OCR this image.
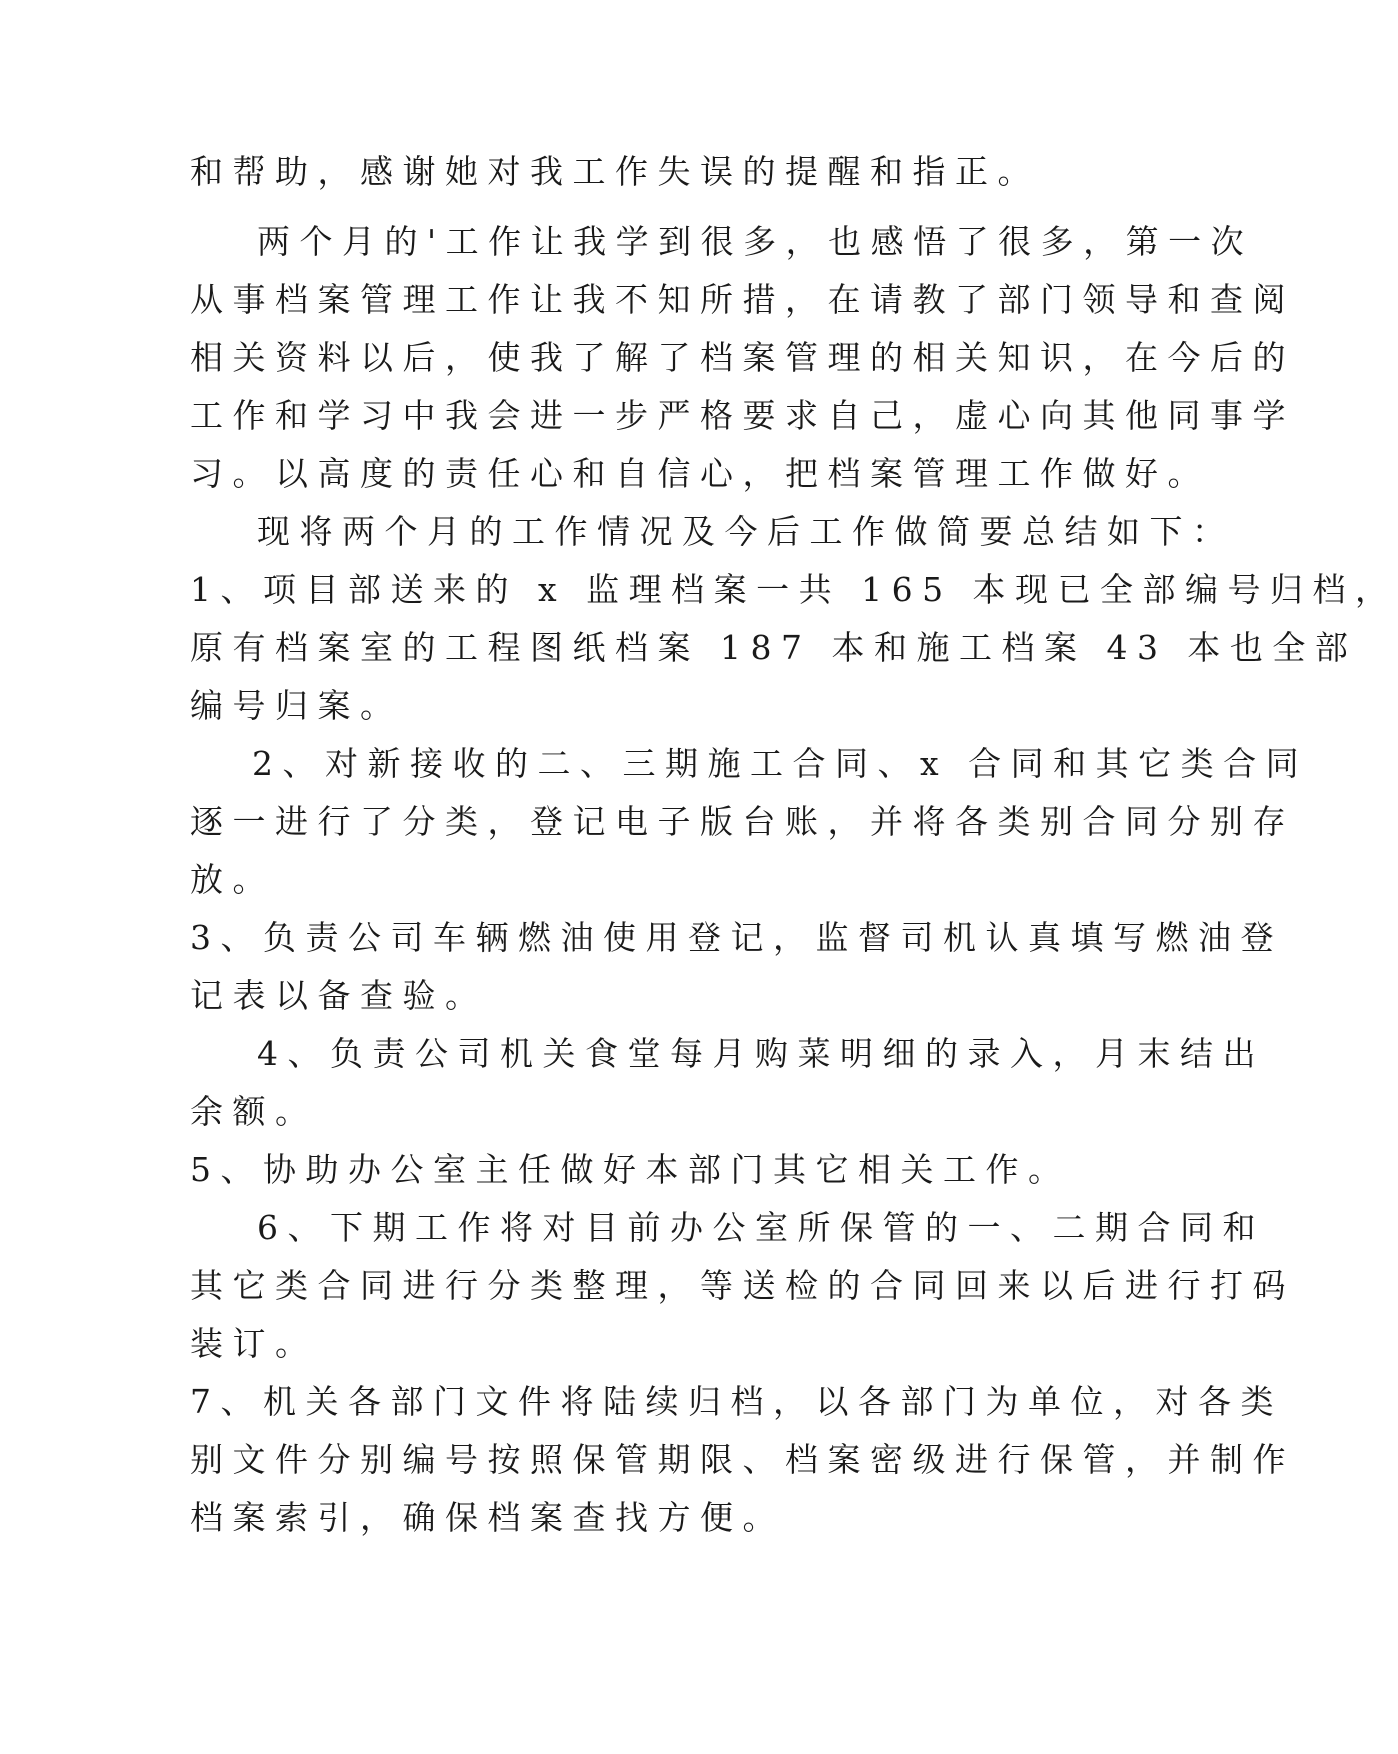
和帮助，感谢她对我工作失误的提醒和指正。

两个月的'工作让我学到很多，也感悟了很多，第一次

从事档案管理工作让我不知所措，在请教了部门领导和查阅

相关资料以后，使我了解了档案管理的相关知识，在今后的

工作和学习中我会进一步严格要求自己，虚心向其他同事学

习。以高度的责任心和自信心，把档案管理工作做好。

现将两个月的工作情况及今后工作做简要总结如下：

1、项目部送来的 x 监理档案一共 165 本现已全部编号归档，

原有档案室的工程图纸档案 187 本和施工档案 43 本也全部

编号归案。

2、对新接收的二、三期施工合同、x 合同和其它类合同

逐一进行了分类，登记电子版台账，并将各类别合同分别存

放。

3、负责公司车辆燃油使用登记，监督司机认真填写燃油登

记表以备查验。

4、负责公司机关食堂每月购菜明细的录入，月末结出

余额。

5、协助办公室主任做好本部门其它相关工作。

6、下期工作将对目前办公室所保管的一、二期合同和

其它类合同进行分类整理，等送检的合同回来以后进行打码

装订。

7、机关各部门文件将陆续归档，以各部门为单位，对各类

别文件分别编号按照保管期限、档案密级进行保管，并制作

档案索引，确保档案查找方便。
